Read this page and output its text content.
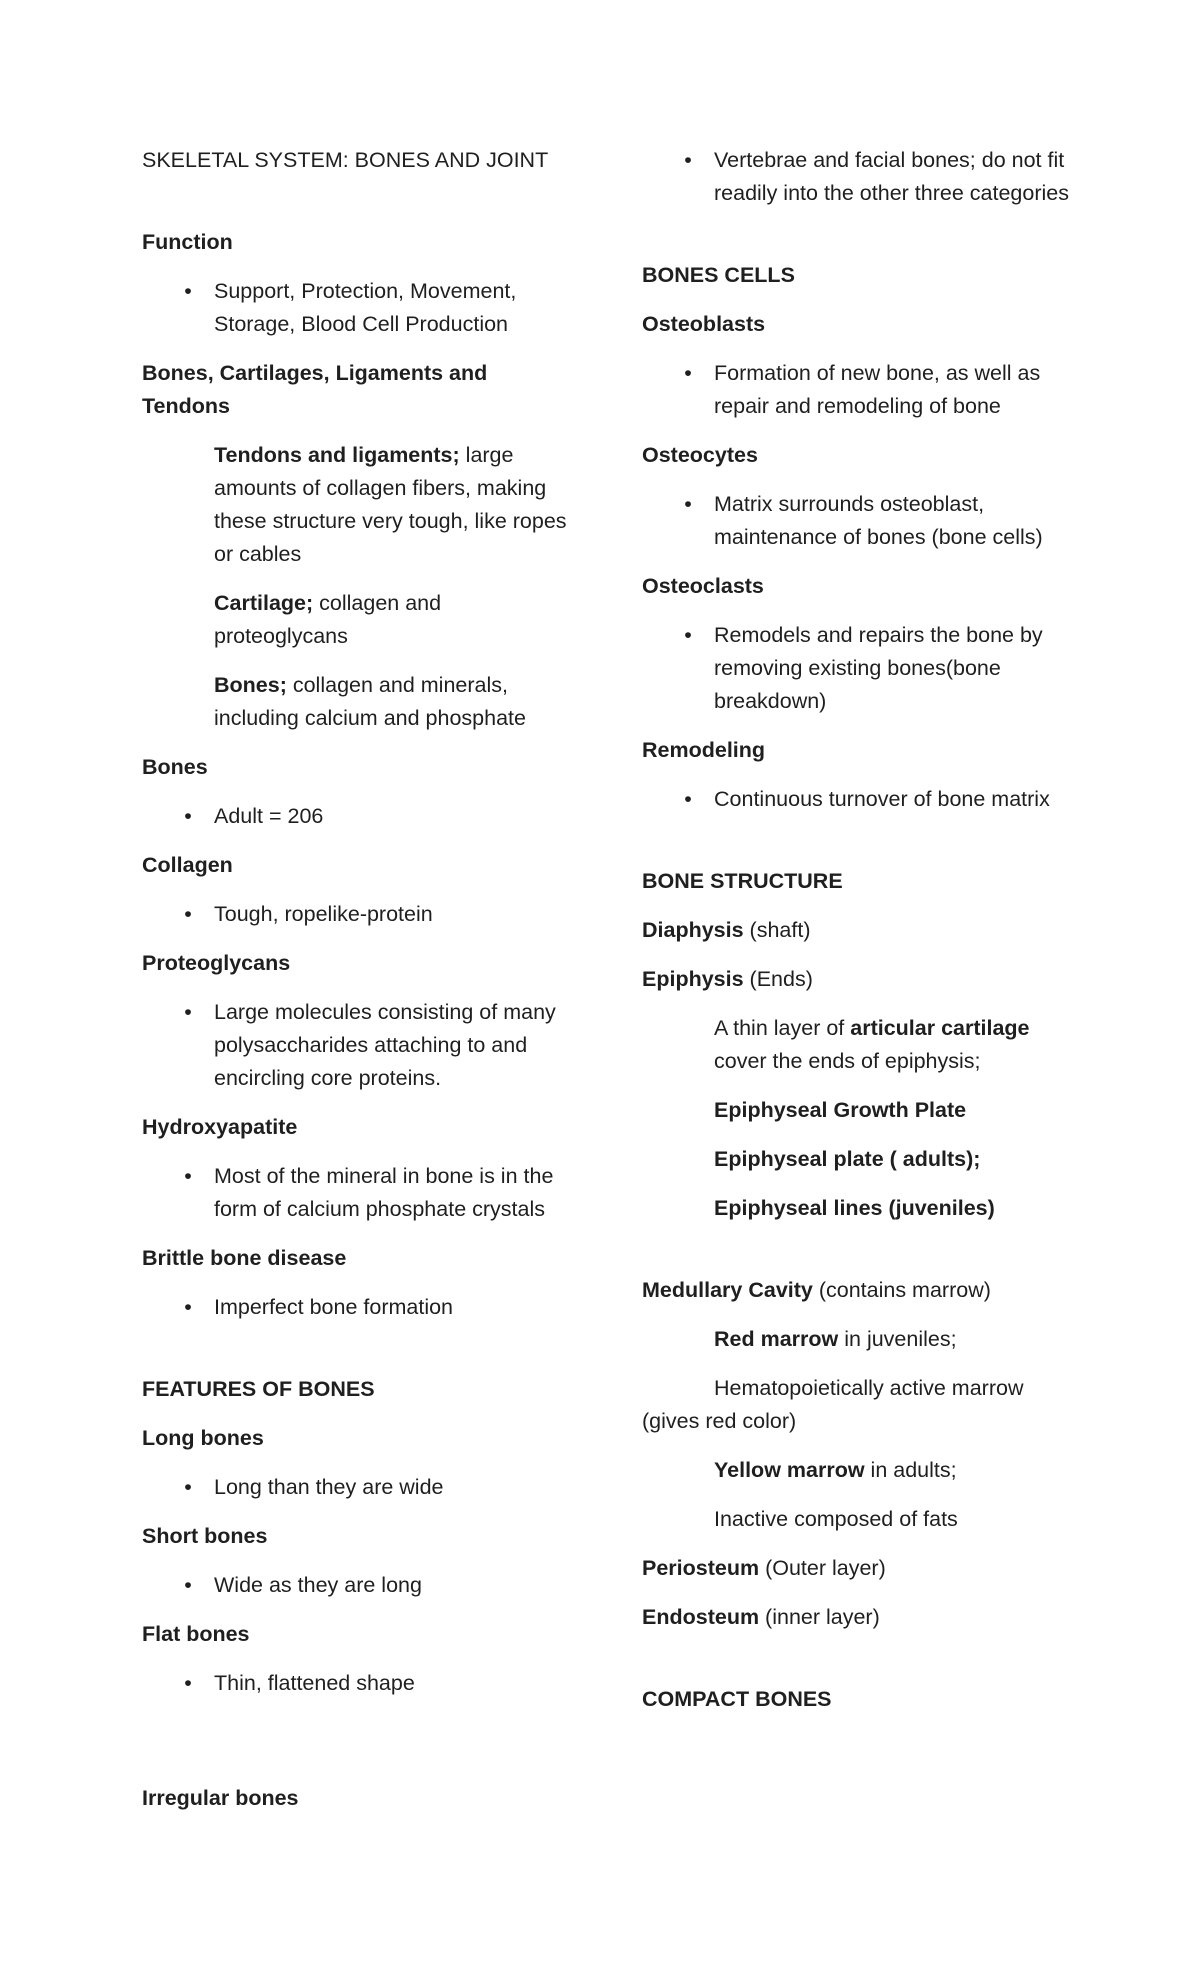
SKELETAL SYSTEM: BONES AND JOINT

Function

• Support, Protection, Movement, Storage, Blood Cell Production

Bones, Cartilages, Ligaments and Tendons

Tendons and ligaments; large amounts of collagen fibers, making these structure very tough, like ropes or cables

Cartilage; collagen and proteoglycans

Bones; collagen and minerals, including calcium and phosphate

Bones

• Adult = 206

Collagen

• Tough, ropelike-protein

Proteoglycans

• Large molecules consisting of many polysaccharides attaching to and encircling core proteins.

Hydroxyapatite

• Most of the mineral in bone is in the form of calcium phosphate crystals

Brittle bone disease

• Imperfect bone formation

FEATURES OF BONES

Long bones

• Long than they are wide

Short bones

• Wide as they are long

Flat bones

• Thin, flattened shape

Irregular bones

• Vertebrae and facial bones; do not fit readily into the other three categories

BONES CELLS

Osteoblasts

• Formation of new bone, as well as repair and remodeling of bone

Osteocytes

• Matrix surrounds osteoblast, maintenance of bones (bone cells)

Osteoclasts

• Remodels and repairs the bone by removing existing bones(bone breakdown)

Remodeling

• Continuous turnover of bone matrix

BONE STRUCTURE

Diaphysis (shaft)

Epiphysis (Ends)

A thin layer of articular cartilage cover the ends of epiphysis;

Epiphyseal Growth Plate

Epiphyseal plate ( adults);

Epiphyseal lines (juveniles)

Medullary Cavity (contains marrow)

Red marrow in juveniles;

Hematopoietically active marrow (gives red color)

Yellow marrow in adults;

Inactive composed of fats

Periosteum (Outer layer)

Endosteum (inner layer)

COMPACT BONES
